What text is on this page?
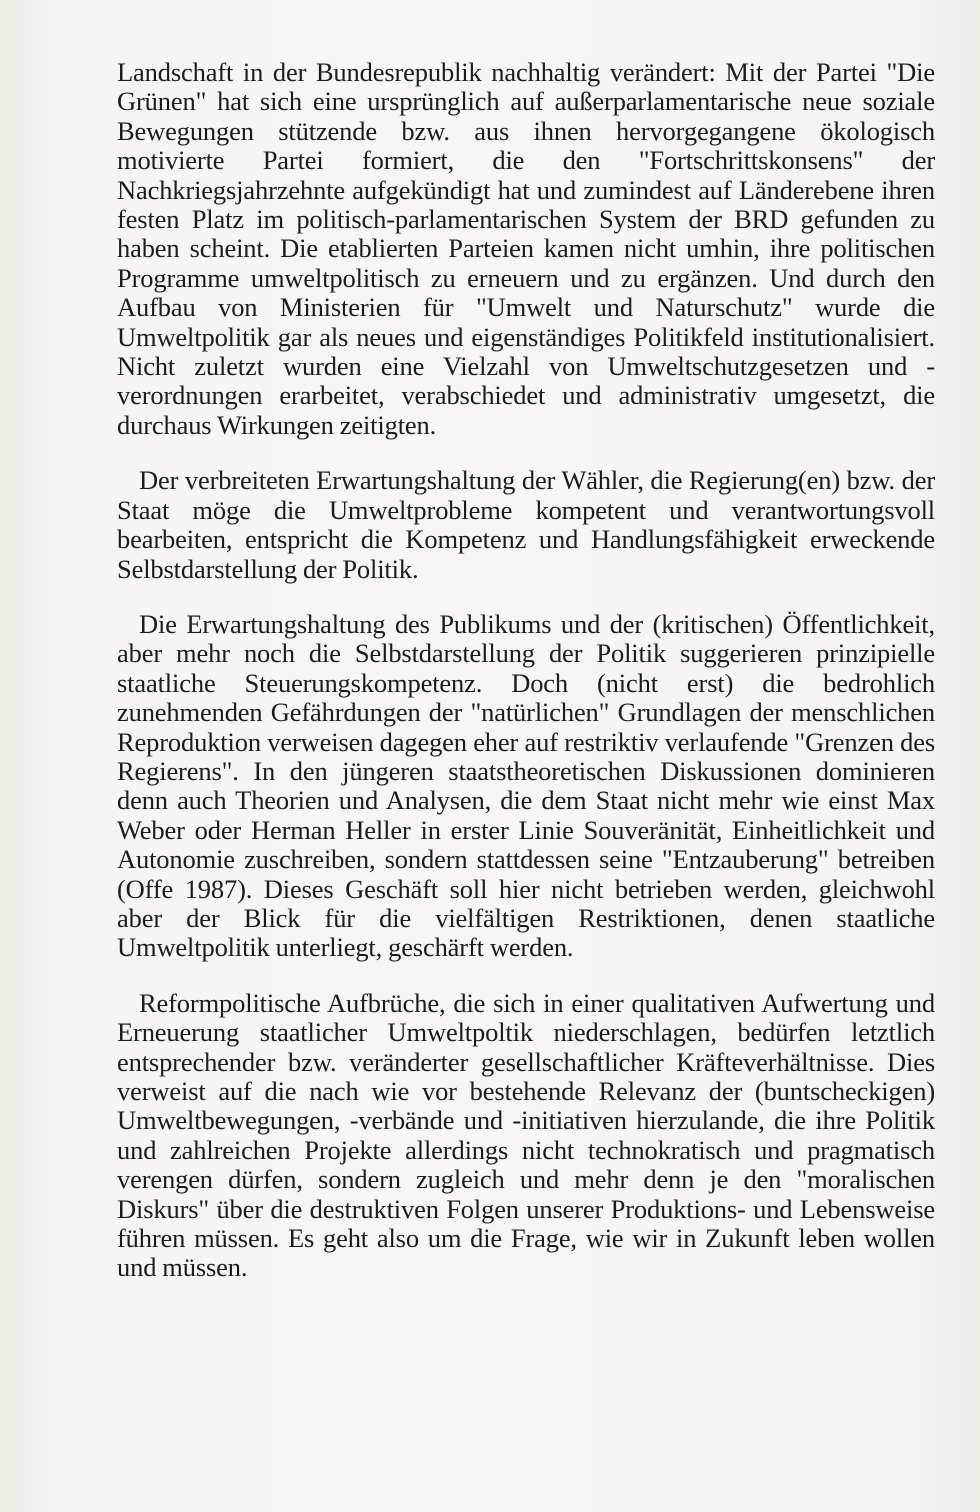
Landschaft in der Bundesrepublik nachhaltig verändert: Mit der Partei "Die Grünen" hat sich eine ursprünglich auf außerparlamentarische neue soziale Bewegungen stützende bzw. aus ihnen hervorgegangene ökologisch motivierte Partei formiert, die den "Fortschrittskonsens" der Nachkriegsjahrzehnte aufgekündigt hat und zumindest auf Länderebene ihren festen Platz im politisch-parlamentarischen System der BRD gefunden zu haben scheint. Die etablierten Parteien kamen nicht umhin, ihre politischen Programme umweltpolitisch zu erneuern und zu ergänzen. Und durch den Aufbau von Ministerien für "Umwelt und Naturschutz" wurde die Umweltpolitik gar als neues und eigenständiges Politikfeld institutionalisiert. Nicht zuletzt wurden eine Vielzahl von Umweltschutzgesetzen und -verordnungen erarbeitet, verabschiedet und administrativ umgesetzt, die durchaus Wirkungen zeitigten.

Der verbreiteten Erwartungshaltung der Wähler, die Regierung(en) bzw. der Staat möge die Umweltprobleme kompetent und verantwortungsvoll bearbeiten, entspricht die Kompetenz und Handlungsfähigkeit erweckende Selbstdarstellung der Politik.

Die Erwartungshaltung des Publikums und der (kritischen) Öffentlichkeit, aber mehr noch die Selbstdarstellung der Politik suggerieren prinzipielle staatliche Steuerungskompetenz. Doch (nicht erst) die bedrohlich zunehmenden Gefährdungen der "natürlichen" Grundlagen der menschlichen Reproduktion verweisen dagegen eher auf restriktiv verlaufende "Grenzen des Regierens". In den jüngeren staatstheoretischen Diskussionen dominieren denn auch Theorien und Analysen, die dem Staat nicht mehr wie einst Max Weber oder Herman Heller in erster Linie Souveränität, Einheitlichkeit und Autonomie zuschreiben, sondern stattdessen seine "Entzauberung" betreiben (Offe 1987). Dieses Geschäft soll hier nicht betrieben werden, gleichwohl aber der Blick für die vielfältigen Restriktionen, denen staatliche Umweltpolitik unterliegt, geschärft werden.

Reformpolitische Aufbrüche, die sich in einer qualitativen Aufwertung und Erneuerung staatlicher Umweltpoltik niederschlagen, bedürfen letztlich entsprechender bzw. veränderter gesellschaftlicher Kräfteverhältnisse. Dies verweist auf die nach wie vor bestehende Relevanz der (buntscheckigen) Umweltbewegungen, -verbände und -initiativen hierzulande, die ihre Politik und zahlreichen Projekte allerdings nicht technokratisch und pragmatisch verengen dürfen, sondern zugleich und mehr denn je den "moralischen Diskurs" über die destruktiven Folgen unserer Produktions- und Lebensweise führen müssen. Es geht also um die Frage, wie wir in Zukunft leben wollen und müssen.
